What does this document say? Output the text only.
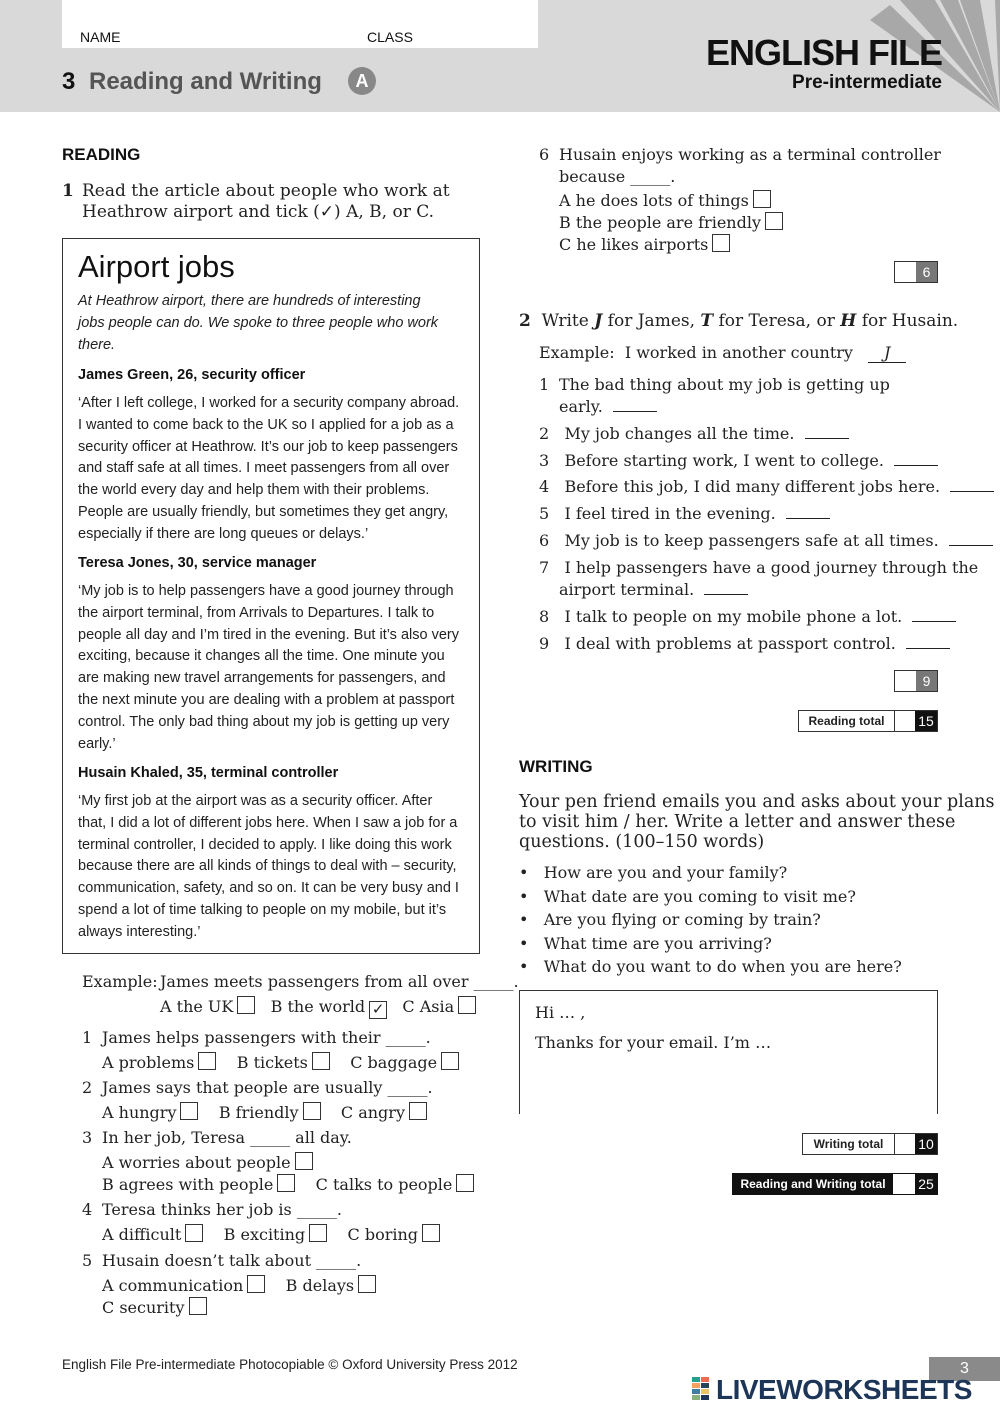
NAME	CLASS
3 Reading and Writing	A
ENGLISH FILE
Pre-intermediate
READING
1 Read the article about people who work at
Heathrow airport and tick (✓) A, B, or C.
Airport jobs
At Heathrow airport, there are hundreds of interesting
jobs people can do. We spoke to three people who work
there.
James Green, 26, security officer
‘After I left college, I worked for a security company abroad.
I wanted to come back to the UK so I applied for a job as a
security officer at Heathrow. It’s our job to keep passengers
and staff safe at all times. I meet passengers from all over
the world every day and help them with their problems.
People are usually friendly, but sometimes they get angry,
especially if there are long queues or delays.’
Teresa Jones, 30, service manager
‘My job is to help passengers have a good journey through
the airport terminal, from Arrivals to Departures. I talk to
people all day and I’m tired in the evening. But it’s also very
exciting, because it changes all the time. One minute you
are making new travel arrangements for passengers, and
the next minute you are dealing with a problem at passport
control. The only bad thing about my job is getting up very
early.’
Husain Khaled, 35, terminal controller
‘My first job at the airport was as a security officer. After
that, I did a lot of different jobs here. When I saw a job for a
terminal controller, I decided to apply. I like doing this work
because there are all kinds of things to deal with – security,
communication, safety, and so on. It can be very busy and I
spend a lot of time talking to people on my mobile, but it’s
always interesting.’
Example: James meets passengers from all over _____.
A the UK B the world ✓ C Asia
1 James helps passengers with their _____.
A problems	B tickets	C baggage
2 James says that people are usually _____.
A hungry	B friendly	C angry
3 In her job, Teresa _____ all day.
A worries about people
B agrees with people	C talks to people
4 Teresa thinks her job is _____.
A difficult	B exciting	C boring
5 Husain doesn’t talk about _____.
A communication	B delays
C security
6 Husain enjoys working as a terminal controller
because _____.
A he does lots of things
B the people are friendly
C he likes airports
6
2 Write J for James, T for Teresa, or H for Husain.
Example: I worked in another country J
1 The bad thing about my job is getting up
early.
2 My job changes all the time.
3 Before starting work, I went to college.
4 Before this job, I did many different jobs here.
5 I feel tired in the evening.
6 My job is to keep passengers safe at all times.
7 I help passengers have a good journey through the
airport terminal.
8 I talk to people on my mobile phone a lot.
9 I deal with problems at passport control.
9
Reading total	15
WRITING
Your pen friend emails you and asks about your plans
to visit him / her. Write a letter and answer these
questions. (100–150 words)
•   How are you and your family?
•   What date are you coming to visit me?
•   Are you flying or coming by train?
•   What time are you arriving?
•   What do you want to do when you are here?
Hi … ,
Thanks for your email. I’m …
Writing total	10
Reading and Writing total	25
English File Pre-intermediate Photocopiable © Oxford University Press 2012	3
LIVEWORKSHEETS
